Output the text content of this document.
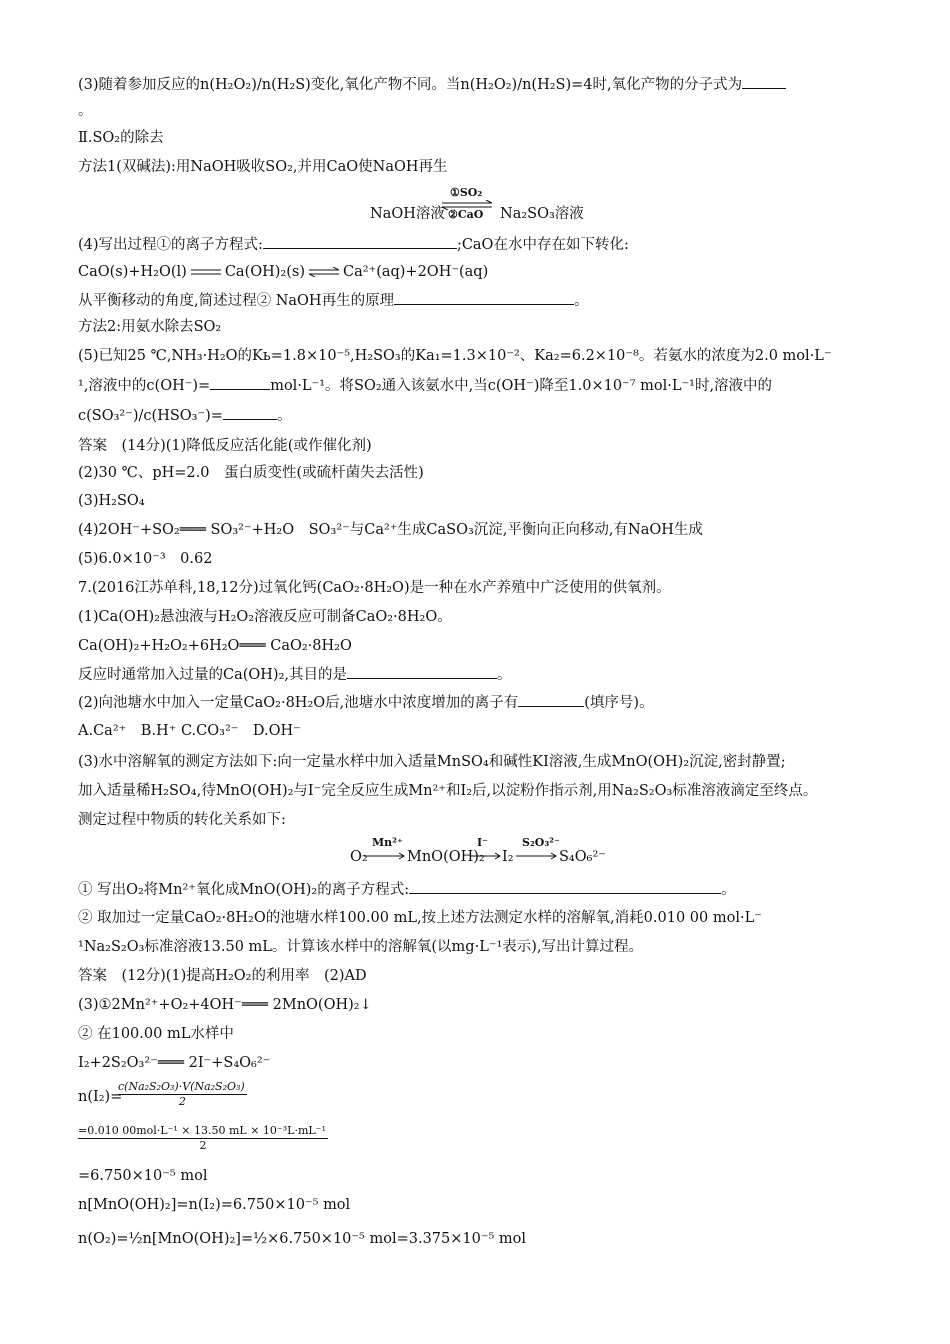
(3)随着参加反应的n(H₂O₂)/n(H₂S)变化,氧化产物不同。当n(H₂O₂)/n(H₂S)=4时,氧化产物的分子式为
。
Ⅱ.SO₂的除去
方法1(双碱法):用NaOH吸收SO₂,并用CaO使NaOH再生
①SO₂
②CaO
NaOH溶液	Na₂SO₃溶液
(4)写出过程①的离子方程式:	;CaO在水中存在如下转化:
CaO(s)+H₂O(l)	Ca(OH)₂(s) ⇌ Ca²⁺(aq)+2OH⁻(aq)
从平衡移动的角度,简述过程② NaOH再生的原理	。
方法2:用氨水除去SO₂
(5)已知25 ℃,NH₃·H₂O的Kь=1.8×10⁻⁵,H₂SO₃的Kа₁=1.3×10⁻²、Kа₂=6.2×10⁻⁸。若氨水的浓度为2.0 mol·L⁻
¹,溶液中的c(OH⁻)=	mol·L⁻¹。将SO₂通入该氨水中,当c(OH⁻)降至1.0×10⁻⁷ mol·L⁻¹时,溶液中的
c(SO₃²⁻)/c(HSO₃⁻)=	。
答案　(14分)(1)降低反应活化能(或作催化剂)
(2)30 ℃、pH=2.0　蛋白质变性(或硫杆菌失去活性)
(3)H₂SO₄
(4)2OH⁻+SO₂═══ SO₃²⁻+H₂O　SO₃²⁻与Ca²⁺生成CaSO₃沉淀,平衡向正向移动,有NaOH生成
(5)6.0×10⁻³　0.62
7.(2016江苏单科,18,12分)过氧化钙(CaO₂·8H₂O)是一种在水产养殖中广泛使用的供氧剂。
(1)Ca(OH)₂悬浊液与H₂O₂溶液反应可制备CaO₂·8H₂O。
Ca(OH)₂+H₂O₂+6H₂O═══ CaO₂·8H₂O
反应时通常加入过量的Ca(OH)₂,其目的是	。
(2)向池塘水中加入一定量CaO₂·8H₂O后,池塘水中浓度增加的离子有	(填序号)。
A.Ca²⁺　B.H⁺ C.CO₃²⁻　D.OH⁻
(3)水中溶解氧的测定方法如下:向一定量水样中加入适量MnSO₄和碱性KI溶液,生成MnO(OH)₂沉淀,密封静置;
加入适量稀H₂SO₄,待MnO(OH)₂与I⁻完全反应生成Mn²⁺和I₂后,以淀粉作指示剂,用Na₂S₂O₃标准溶液滴定至终点。
测定过程中物质的转化关系如下:
O₂
Mn²⁺
MnO(OH)₂
I⁻
I₂
S₂O₃²⁻
S₄O₆²⁻
① 写出O₂将Mn²⁺氧化成MnO(OH)₂的离子方程式:	。
② 取加过一定量CaO₂·8H₂O的池塘水样100.00 mL,按上述方法测定水样的溶解氧,消耗0.010 00 mol·L⁻
¹Na₂S₂O₃标准溶液13.50 mL。计算该水样中的溶解氧(以mg·L⁻¹表示),写出计算过程。
答案　(12分)(1)提高H₂O₂的利用率　(2)AD
(3)①2Mn²⁺+O₂+4OH⁻═══ 2MnO(OH)₂↓
② 在100.00 mL水样中
I₂+2S₂O₃²⁻═══ 2I⁻+S₄O₆²⁻
n(I₂)=
$\frac{\text{c(Na₂S₂O₃)·V(Na₂S₂O₃)}}{2}$
=0.010 00mol·L⁻¹ × 13.50 mL × 10⁻³L·mL⁻¹
2
=6.750×10⁻⁵ mol
n[MnO(OH)₂]=n(I₂)=6.750×10⁻⁵ mol
n(O₂)=½n[MnO(OH)₂]=½×6.750×10⁻⁵ mol=3.375×10⁻⁵ mol
